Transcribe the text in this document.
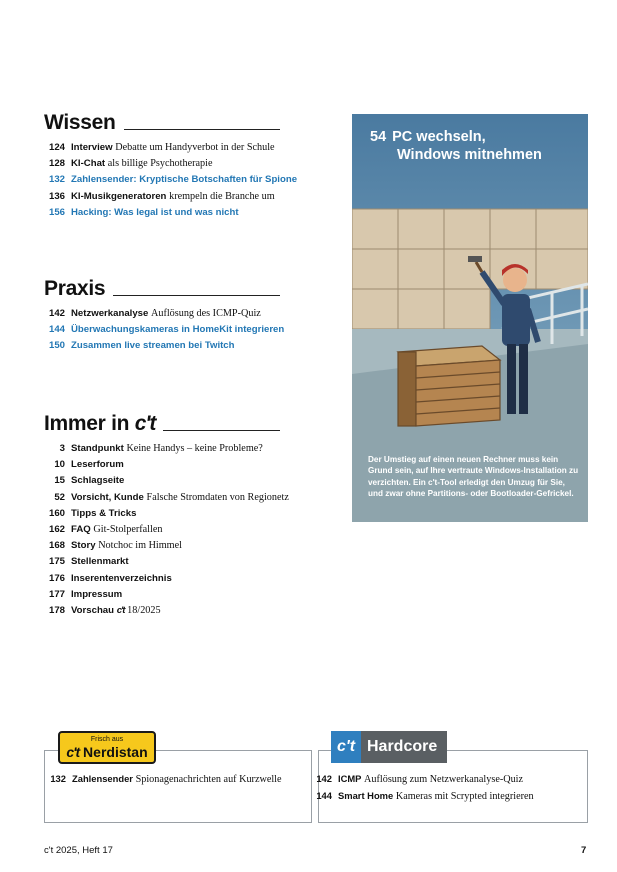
Wissen
124 Interview Debatte um Handyverbot in der Schule
128 KI-Chat als billige Psychotherapie
132 Zahlensender: Kryptische Botschaften für Spione
136 KI-Musikgeneratoren krempeln die Branche um
156 Hacking: Was legal ist und was nicht
Praxis
142 Netzwerkanalyse Auflösung des ICMP-Quiz
144 Überwachungskameras in HomeKit integrieren
150 Zusammen live streamen bei Twitch
Immer in c't
3 Standpunkt Keine Handys – keine Probleme?
10 Leserforum
15 Schlagseite
52 Vorsicht, Kunde Falsche Stromdaten von Regionetz
160 Tipps & Tricks
162 FAQ Git-Stolperfallen
168 Story Notchoc im Himmel
175 Stellenmarkt
176 Inserentenverzeichnis
177 Impressum
178 Vorschau c't 18/2025
54 PC wechseln,
Windows mitnehmen
Der Umstieg auf einen neuen Rechner muss kein Grund sein, auf Ihre vertraute Windows-Installation zu verzichten. Ein c't-Tool erledigt den Umzug für Sie, und zwar ohne Partitions- oder Bootloader-Gefrickel.
132 Zahlensender Spionagenachrichten auf Kurzwelle
Frisch aus
c't Nerdistan
142 ICMP Auflösung zum Netzwerkanalyse-Quiz
144 Smart Home Kameras mit Scrypted integrieren
c't Hardcore
c't 2025, Heft 17	7
